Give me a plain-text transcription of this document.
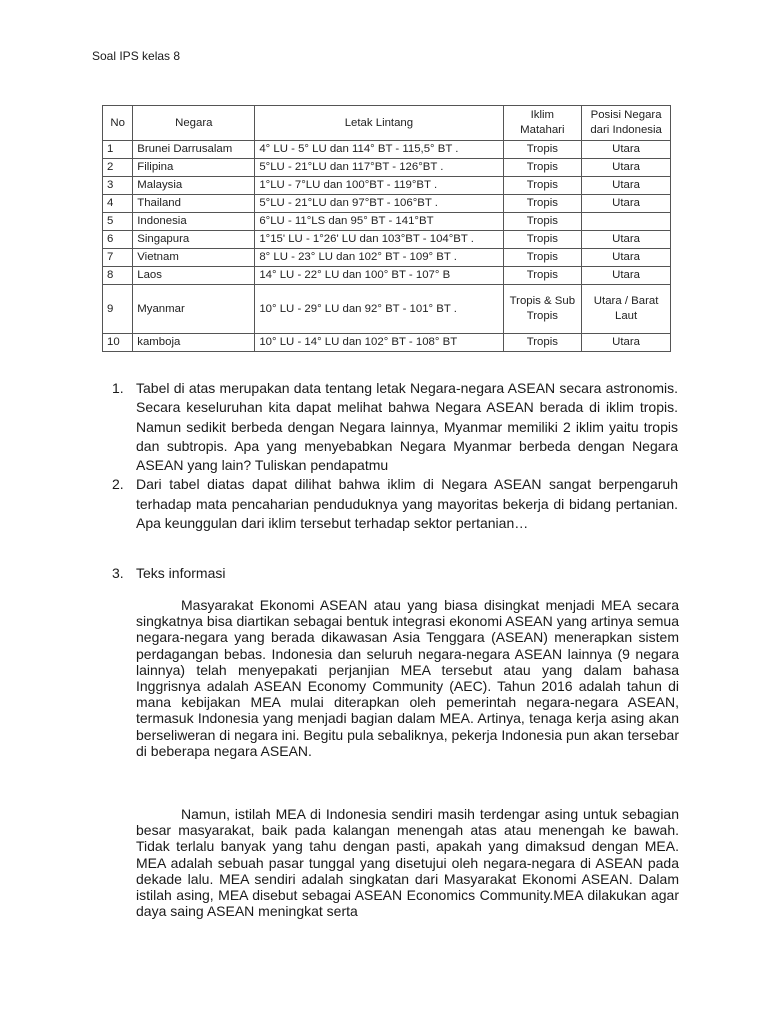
Soal IPS kelas 8
No	Negara	Letak Lintang	Iklim Matahari	Posisi Negara dari Indonesia
1	Brunei Darrusalam	4° LU - 5° LU dan 114° BT - 115,5° BT .	Tropis	Utara
2	Filipina	5°LU - 21°LU dan 117°BT - 126°BT .	Tropis	Utara
3	Malaysia	1°LU - 7°LU dan 100°BT - 119°BT .	Tropis	Utara
4	Thailand	5°LU - 21°LU dan 97°BT - 106°BT .	Tropis	Utara
5	Indonesia	6°LU - 11°LS dan 95° BT - 141°BT	Tropis	
6	Singapura	1°15' LU - 1°26' LU dan 103°BT - 104°BT .	Tropis	Utara
7	Vietnam	8° LU - 23° LU dan 102° BT - 109° BT .	Tropis	Utara
8	Laos	14° LU - 22° LU dan 100° BT - 107° B	Tropis	Utara
9	Myanmar	10° LU - 29° LU dan 92° BT - 101° BT .	Tropis & Sub Tropis	Utara / Barat Laut
10	kamboja	10° LU - 14° LU dan 102° BT - 108° BT	Tropis	Utara
1. Tabel di atas merupakan data tentang letak Negara-negara ASEAN secara astronomis. Secara keseluruhan kita dapat melihat bahwa Negara ASEAN berada di iklim tropis. Namun sedikit berbeda dengan Negara lainnya, Myanmar memiliki 2 iklim yaitu tropis dan subtropis. Apa yang menyebabkan Negara Myanmar berbeda dengan Negara ASEAN yang lain? Tuliskan pendapatmu
2. Dari tabel diatas dapat dilihat bahwa iklim di Negara ASEAN sangat berpengaruh terhadap mata pencaharian penduduknya yang mayoritas bekerja di bidang pertanian. Apa keunggulan dari iklim tersebut terhadap sektor pertanian…
3. Teks informasi

Masyarakat Ekonomi ASEAN atau yang biasa disingkat menjadi MEA secara singkatnya bisa diartikan sebagai bentuk integrasi ekonomi ASEAN yang artinya semua negara-negara yang berada dikawasan Asia Tenggara (ASEAN) menerapkan sistem perdagangan bebas. Indonesia dan seluruh negara-negara ASEAN lainnya (9 negara lainnya) telah menyepakati perjanjian MEA tersebut atau yang dalam bahasa Inggrisnya adalah ASEAN Economy Community (AEC). Tahun 2016 adalah tahun di mana kebijakan MEA mulai diterapkan oleh pemerintah negara-negara ASEAN, termasuk Indonesia yang menjadi bagian dalam MEA. Artinya, tenaga kerja asing akan berseliweran di negara ini. Begitu pula sebaliknya, pekerja Indonesia pun akan tersebar di beberapa negara ASEAN.

Namun, istilah MEA di Indonesia sendiri masih terdengar asing untuk sebagian besar masyarakat, baik pada kalangan menengah atas atau menengah ke bawah. Tidak terlalu banyak yang tahu dengan pasti, apakah yang dimaksud dengan MEA. MEA adalah sebuah pasar tunggal yang disetujui oleh negara-negara di ASEAN pada dekade lalu. MEA sendiri adalah singkatan dari Masyarakat Ekonomi ASEAN. Dalam istilah asing, MEA disebut sebagai ASEAN Economics Community.MEA dilakukan agar daya saing ASEAN meningkat serta
